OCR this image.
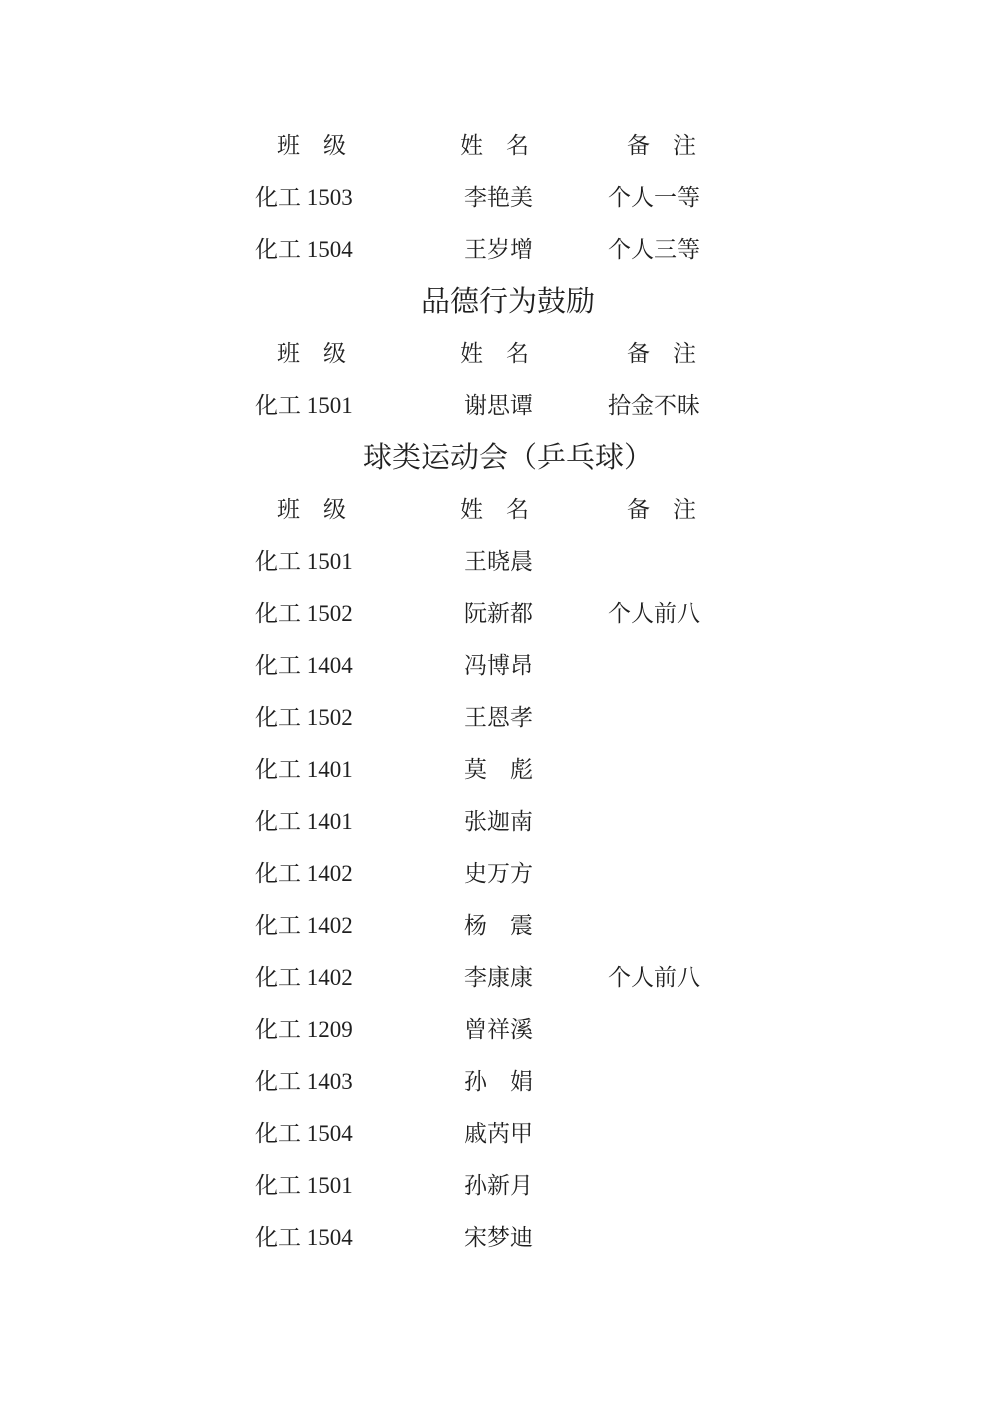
班　级	姓　名	备　注
化工 1503	李艳美	个人一等
化工 1504	王岁增	个人三等
品德行为鼓励
班　级	姓　名	备　注
化工 1501	谢思谭	拾金不昧
球类运动会（乒乓球）
班　级	姓　名	备　注
化工 1501	王晓晨
化工 1502	阮新都	个人前八
化工 1404	冯博昂
化工 1502	王恩孝
化工 1401	莫　彪
化工 1401	张迦南
化工 1402	史万方
化工 1402	杨　震
化工 1402	李康康	个人前八
化工 1209	曾祥溪
化工 1403	孙　娟
化工 1504	戚芮甲
化工 1501	孙新月
化工 1504	宋梦迪
